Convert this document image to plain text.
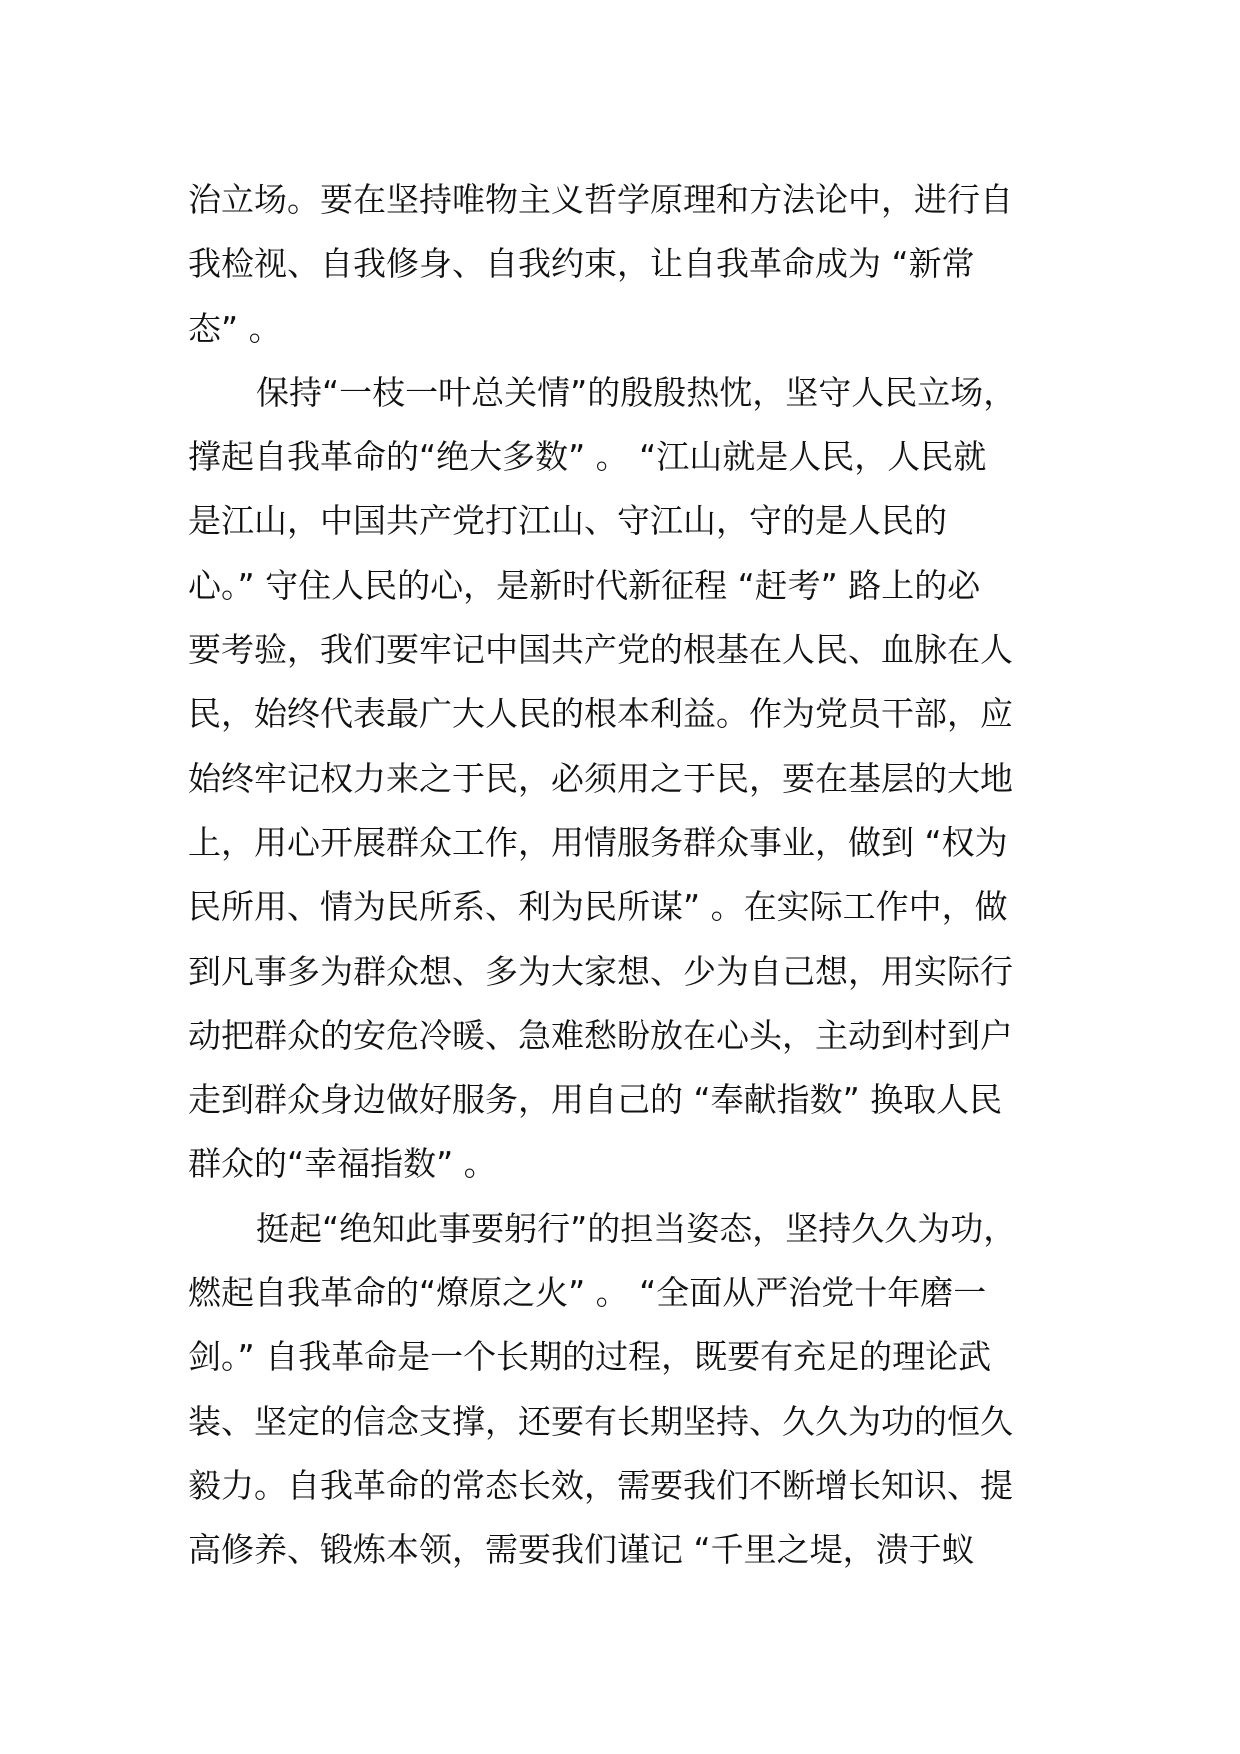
治立场。要在坚持唯物主义哲学原理和方法论中，进行自
我检视、自我修身、自我约束，让自我革命成为 “新常
态” 。
保持“一枝一叶总关情”的殷殷热忱，坚守人民立场，
撑起自我革命的“绝大多数” 。 “江山就是人民，人民就
是江山，中国共产党打江山、守江山，守的是人民的
心。” 守住人民的心，是新时代新征程 “赶考” 路上的必
要考验，我们要牢记中国共产党的根基在人民、血脉在人
民，始终代表最广大人民的根本利益。作为党员干部，应
始终牢记权力来之于民，必须用之于民，要在基层的大地
上，用心开展群众工作，用情服务群众事业，做到 “权为
民所用、情为民所系、利为民所谋” 。在实际工作中，做
到凡事多为群众想、多为大家想、少为自己想，用实际行
动把群众的安危冷暖、急难愁盼放在心头，主动到村到户
走到群众身边做好服务，用自己的 “奉献指数” 换取人民
群众的“幸福指数” 。
挺起“绝知此事要躬行”的担当姿态，坚持久久为功，
燃起自我革命的“燎原之火” 。 “全面从严治党十年磨一
剑。” 自我革命是一个长期的过程，既要有充足的理论武
装、坚定的信念支撑，还要有长期坚持、久久为功的恒久
毅力。自我革命的常态长效，需要我们不断增长知识、提
高修养、锻炼本领，需要我们谨记 “千里之堤，溃于蚁
